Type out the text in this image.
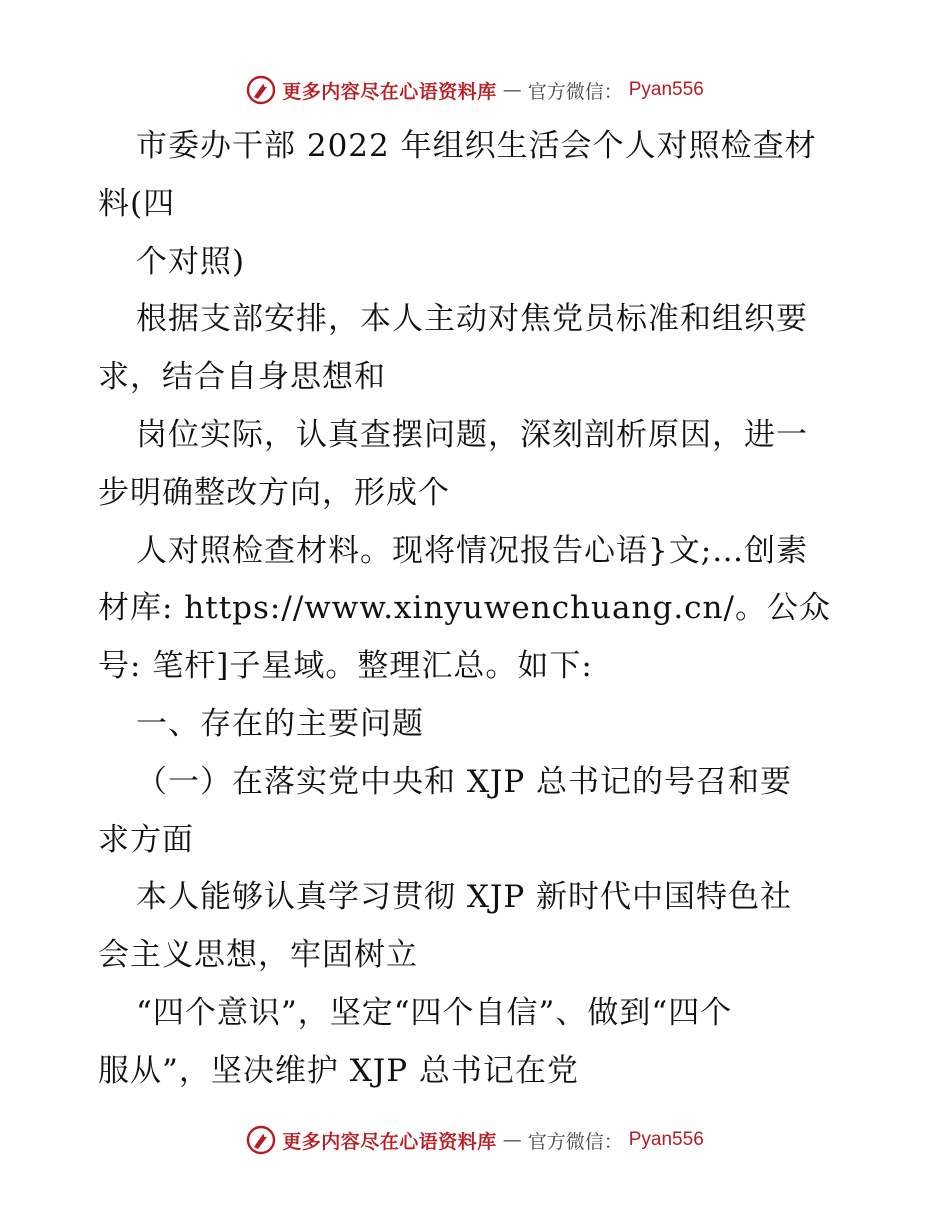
更多内容尽在心语资料库 — 官方微信： Pyan556
市委办干部 2022 年组织生活会个人对照检查材
料(四
个对照)
根据支部安排，本人主动对焦党员标准和组织要
求，结合自身思想和
岗位实际，认真查摆问题，深刻剖析原因，进一
步明确整改方向，形成个
人对照检查材料。现将情况报告心语}文;…创素
材库: https://www.xinyuwenchuang.cn/。公众
号: 笔杆]子星域。整理汇总。如下:
一、存在的主要问题
（一）在落实党中央和 XJP 总书记的号召和要
求方面
本人能够认真学习贯彻 XJP 新时代中国特色社
会主义思想，牢固树立
“四个意识”，坚定“四个自信”、做到“四个
服从”，坚决维护 XJP 总书记在党
更多内容尽在心语资料库 — 官方微信： Pyan556
